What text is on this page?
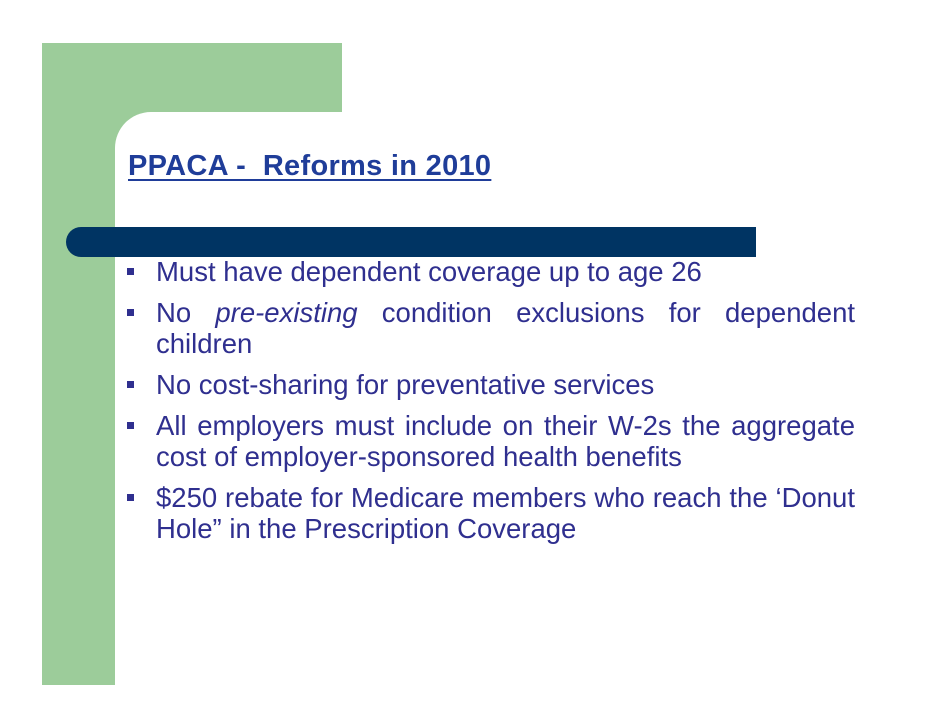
PPACA -  Reforms in 2010
Must have dependent coverage up to age 26
No pre-existing condition exclusions for dependent children
No cost-sharing for preventative services
All employers must include on their W-2s the aggregate cost of employer-sponsored health benefits
$250 rebate for Medicare members who reach the ‘Donut Hole” in the Prescription Coverage
